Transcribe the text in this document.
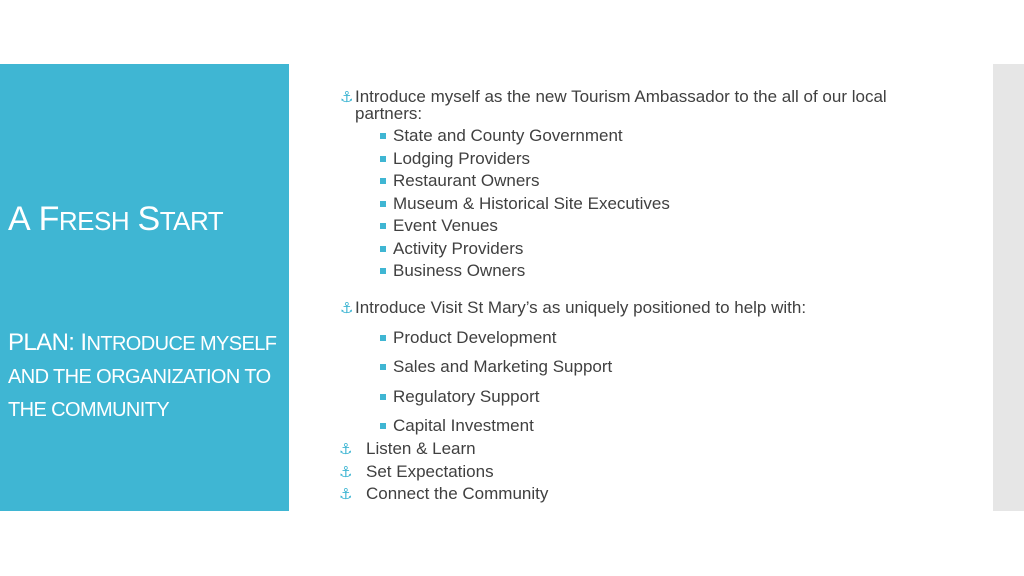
A FRESH START
PLAN: INTRODUCE MYSELF AND THE ORGANIZATION TO THE COMMUNITY
⚓ Introduce myself as the new Tourism Ambassador to the all of our local
partners:
State and County Government
Lodging Providers
Restaurant Owners
Museum & Historical Site Executives
Event Venues
Activity Providers
Business Owners
⚓ Introduce Visit St Mary’s as uniquely positioned to help with:
Product Development
Sales and Marketing Support
Regulatory Support
Capital Investment
⚓ Listen & Learn
⚓ Set Expectations
⚓ Connect the Community
